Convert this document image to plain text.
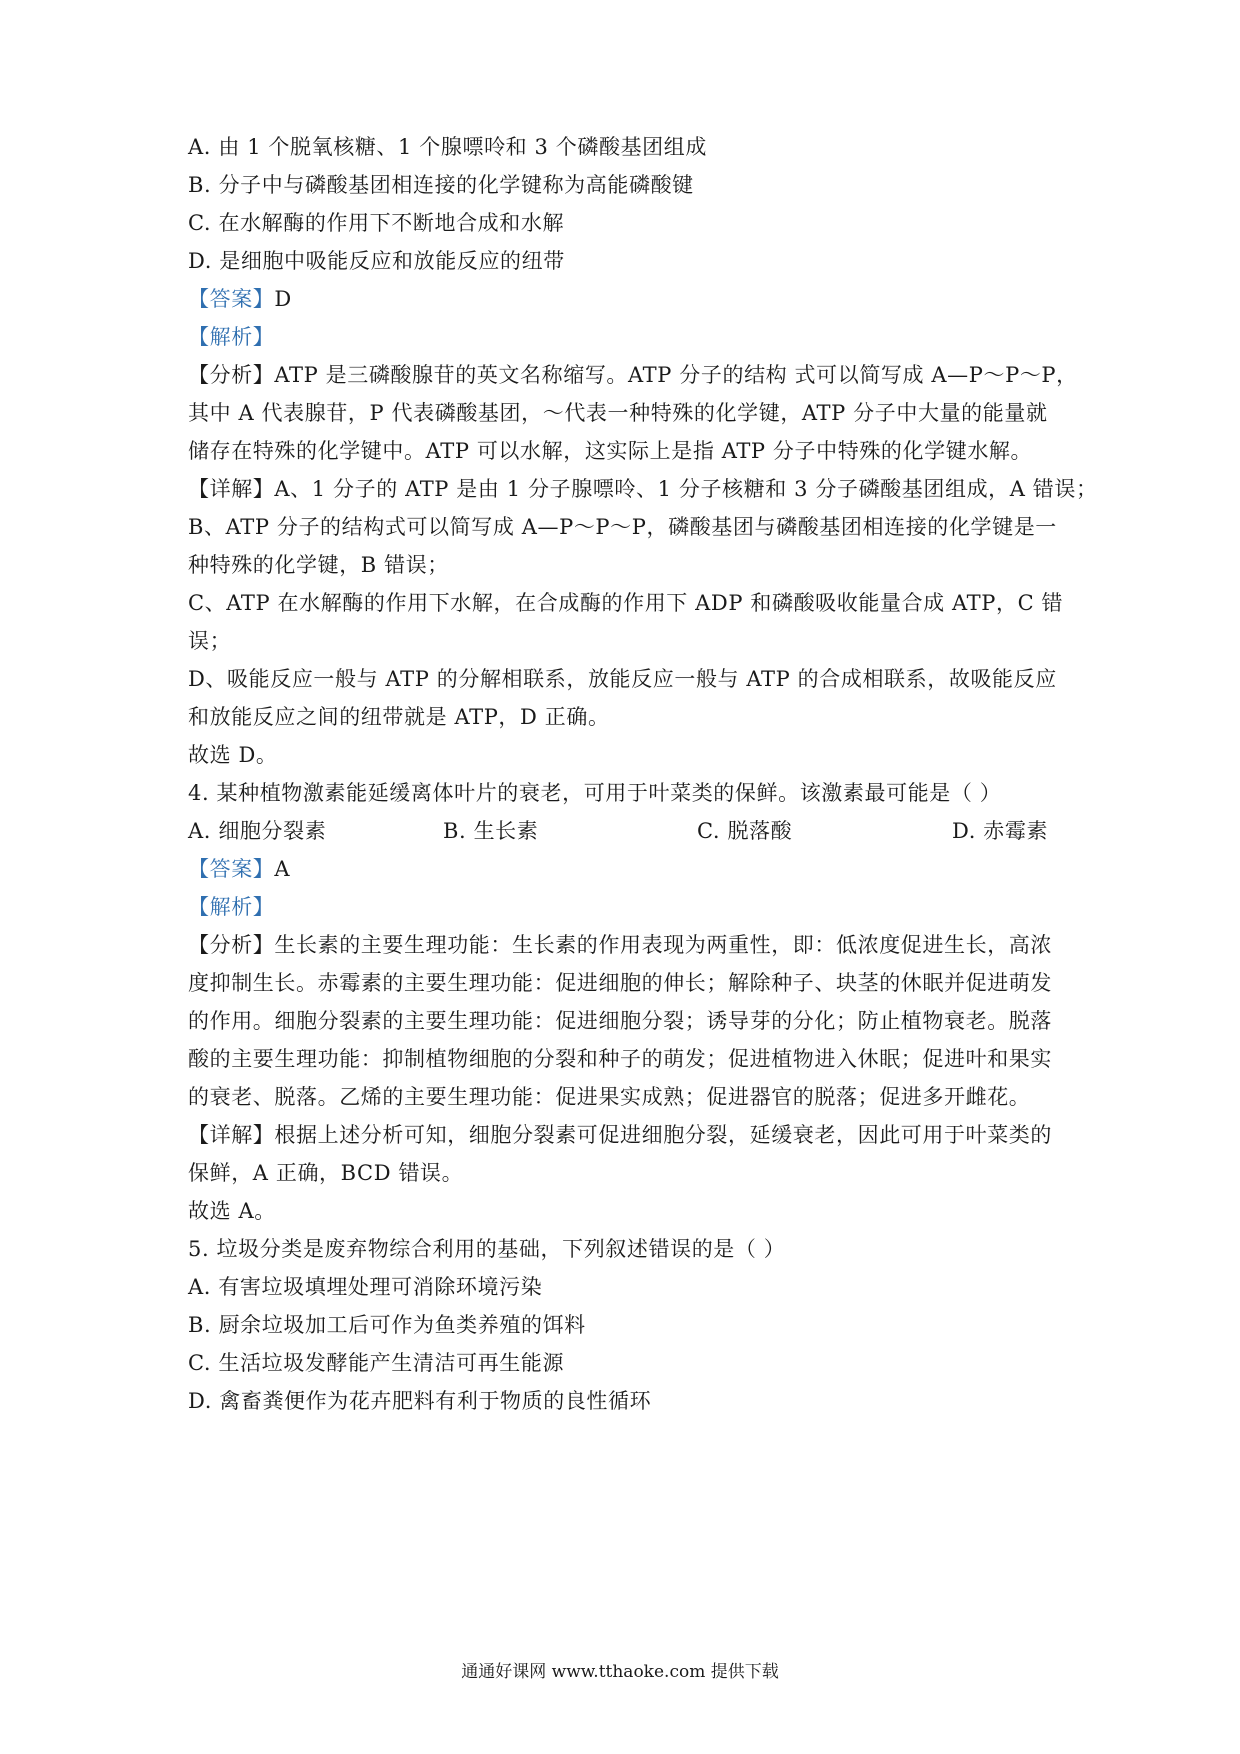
A. 由 1 个脱氧核糖、1 个腺嘌呤和 3 个磷酸基团组成
B. 分子中与磷酸基团相连接的化学键称为高能磷酸键
C. 在水解酶的作用下不断地合成和水解
D. 是细胞中吸能反应和放能反应的纽带
【答案】D
【解析】
【分析】ATP 是三磷酸腺苷的英文名称缩写。ATP 分子的结构 式可以简写成 A—P～P～P，
其中 A 代表腺苷，P 代表磷酸基团，～代表一种特殊的化学键，ATP 分子中大量的能量就
储存在特殊的化学键中。ATP 可以水解，这实际上是指 ATP 分子中特殊的化学键水解。
【详解】A、1 分子的 ATP 是由 1 分子腺嘌呤、1 分子核糖和 3 分子磷酸基团组成，A 错误；
B、ATP 分子的结构式可以简写成 A—P～P～P，磷酸基团与磷酸基团相连接的化学键是一
种特殊的化学键，B 错误；
C、ATP 在水解酶的作用下水解，在合成酶的作用下 ADP 和磷酸吸收能量合成 ATP，C 错
误；
D、吸能反应一般与 ATP 的分解相联系，放能反应一般与 ATP 的合成相联系，故吸能反应
和放能反应之间的纽带就是 ATP，D 正确。
故选 D。
4. 某种植物激素能延缓离体叶片的衰老，可用于叶菜类的保鲜。该激素最可能是（ ）
A. 细胞分裂素	B. 生长素	C. 脱落酸	D. 赤霉素
【答案】A
【解析】
【分析】生长素的主要生理功能：生长素的作用表现为两重性，即：低浓度促进生长，高浓
度抑制生长。赤霉素的主要生理功能：促进细胞的伸长；解除种子、块茎的休眠并促进萌发
的作用。细胞分裂素的主要生理功能：促进细胞分裂；诱导芽的分化；防止植物衰老。脱落
酸的主要生理功能：抑制植物细胞的分裂和种子的萌发；促进植物进入休眠；促进叶和果实
的衰老、脱落。乙烯的主要生理功能：促进果实成熟；促进器官的脱落；促进多开雌花。
【详解】根据上述分析可知，细胞分裂素可促进细胞分裂，延缓衰老，因此可用于叶菜类的
保鲜，A 正确，BCD 错误。
故选 A。
5. 垃圾分类是废弃物综合利用的基础，下列叙述错误的是（ ）
A. 有害垃圾填埋处理可消除环境污染
B. 厨余垃圾加工后可作为鱼类养殖的饵料
C. 生活垃圾发酵能产生清洁可再生能源
D. 禽畜粪便作为花卉肥料有利于物质的良性循环
通通好课网 www.tthaoke.com 提供下载
